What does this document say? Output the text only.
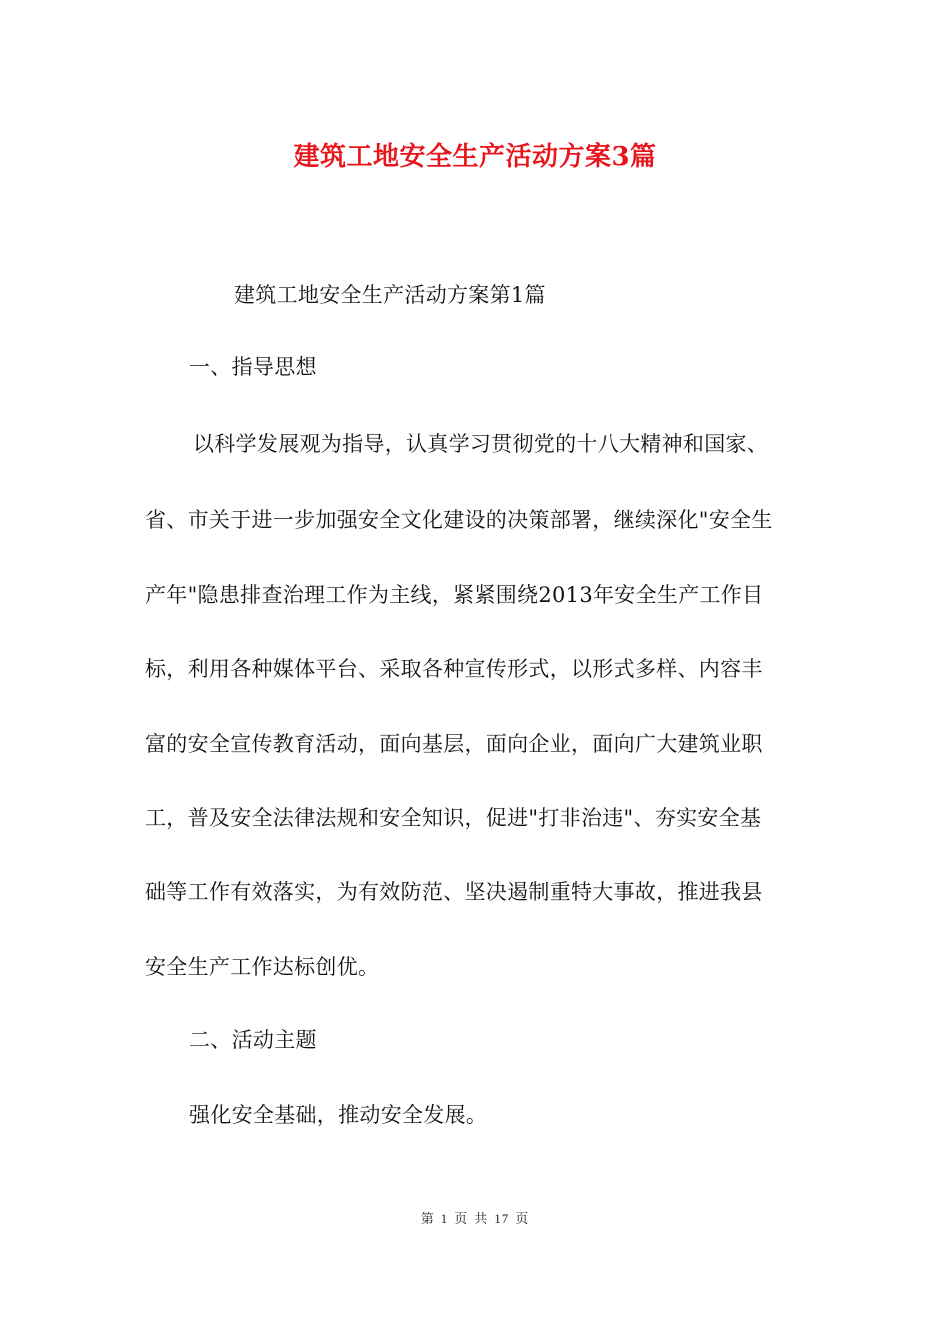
建筑工地安全生产活动方案3篇
建筑工地安全生产活动方案第1篇
一、指导思想
以科学发展观为指导，认真学习贯彻党的十八大精神和国家、
省、市关于进一步加强安全文化建设的决策部署，继续深化"安全生
产年"隐患排查治理工作为主线，紧紧围绕2013年安全生产工作目
标，利用各种媒体平台、采取各种宣传形式，以形式多样、内容丰
富的安全宣传教育活动，面向基层，面向企业，面向广大建筑业职
工，普及安全法律法规和安全知识，促进"打非治违"、夯实安全基
础等工作有效落实，为有效防范、坚决遏制重特大事故，推进我县
安全生产工作达标创优。
二、活动主题
强化安全基础，推动安全发展。
第 1 页 共 17 页
